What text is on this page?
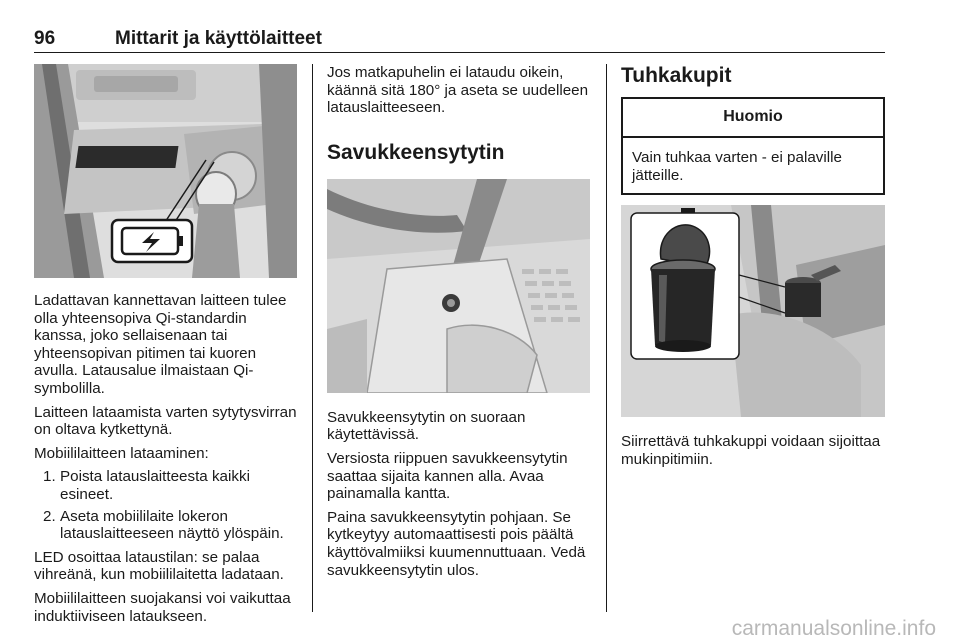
96	Mittarit ja käyttölaitteet

Ladattavan kannettavan laitteen tulee olla yhteensopiva Qi-standardin kanssa, joko sellaisenaan tai yhteensopivan pitimen tai kuoren avulla. Latausalue ilmaistaan Qi-symbolilla.

Laitteen lataamista varten sytytysvirran on oltava kytkettynä.

Mobiililaitteen lataaminen:

1. Poista latauslaitteesta kaikki esineet.
2. Aseta mobiililaite lokeron latauslaitteeseen näyttö ylöspäin.

LED osoittaa lataustilan: se palaa vihreänä, kun mobiililaitetta ladataan.

Mobiililaitteen suojakansi voi vaikuttaa induktiiviseen lataukseen.

Jos matkapuhelin ei lataudu oikein, käännä sitä 180° ja aseta se uudelleen latauslaitteeseen.

Savukkeensytytin

Savukkeensytytin on suoraan käytettävissä.

Versiosta riippuen savukkeensytytin saattaa sijaita kannen alla. Avaa painamalla kantta.

Paina savukkeensytytin pohjaan. Se kytkeytyy automaattisesti pois päältä käyttövalmiiksi kuumennuttuaan. Vedä savukkeensytytin ulos.

Tuhkakupit
Huomio
Vain tuhkaa varten - ei palaville jätteille.

Siirrettävä tuhkakuppi voidaan sijoittaa mukinpitimiin.

carmanualsonline.info
